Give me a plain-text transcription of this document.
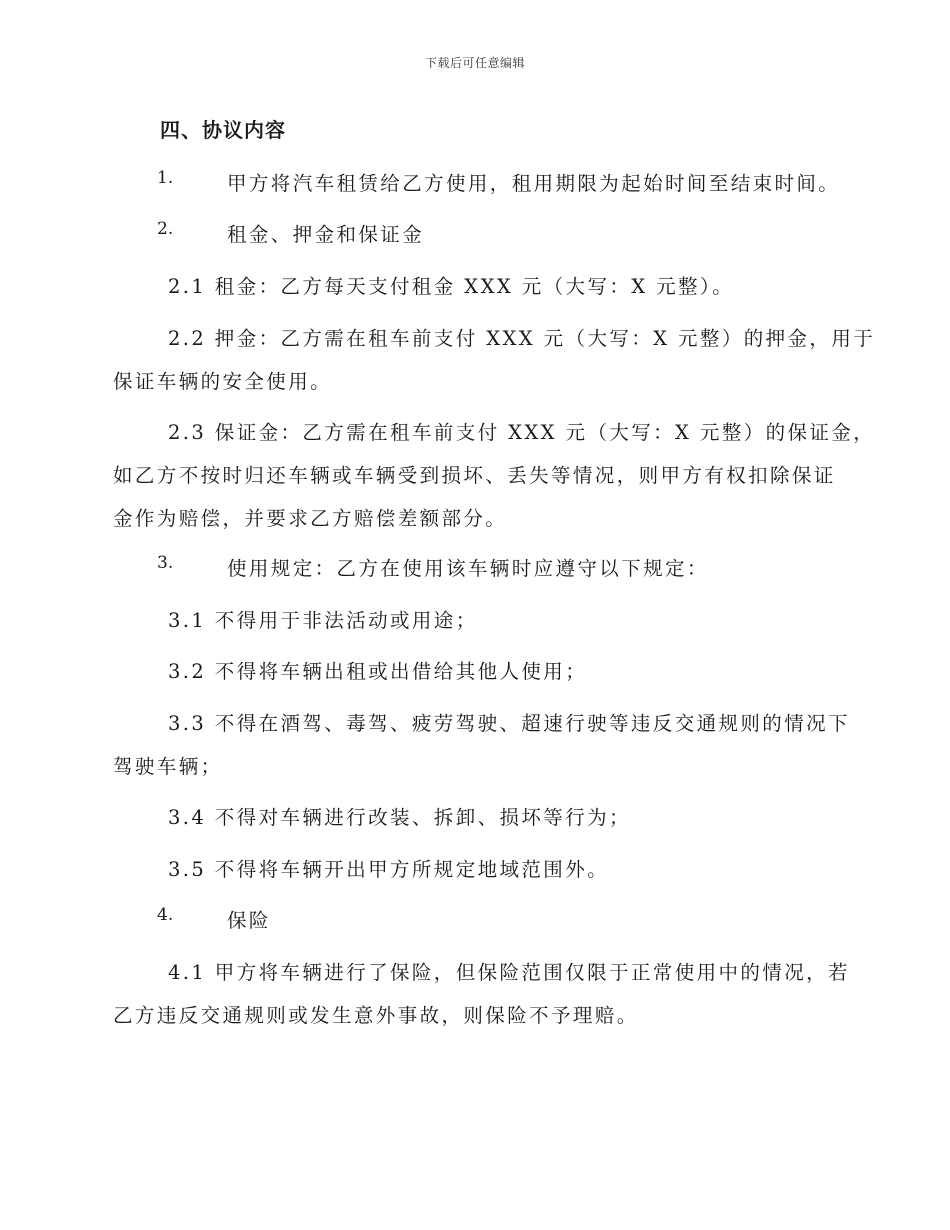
下载后可任意编辑
四、协议内容
1.	甲方将汽车租赁给乙方使用，租用期限为起始时间至结束时间。
2.	租金、押金和保证金
2.1 租金：乙方每天支付租金 XXX 元（大写：X 元整）。
2.2 押金：乙方需在租车前支付 XXX 元（大写：X 元整）的押金，用于
保证车辆的安全使用。
2.3 保证金：乙方需在租车前支付 XXX 元（大写：X 元整）的保证金，
如乙方不按时归还车辆或车辆受到损坏、丢失等情况，则甲方有权扣除保证
金作为赔偿，并要求乙方赔偿差额部分。
3.	使用规定：乙方在使用该车辆时应遵守以下规定：
3.1 不得用于非法活动或用途；
3.2 不得将车辆出租或出借给其他人使用；
3.3 不得在酒驾、毒驾、疲劳驾驶、超速行驶等违反交通规则的情况下
驾驶车辆；
3.4 不得对车辆进行改装、拆卸、损坏等行为；
3.5 不得将车辆开出甲方所规定地域范围外。
4.	保险
4.1 甲方将车辆进行了保险，但保险范围仅限于正常使用中的情况，若
乙方违反交通规则或发生意外事故，则保险不予理赔。
